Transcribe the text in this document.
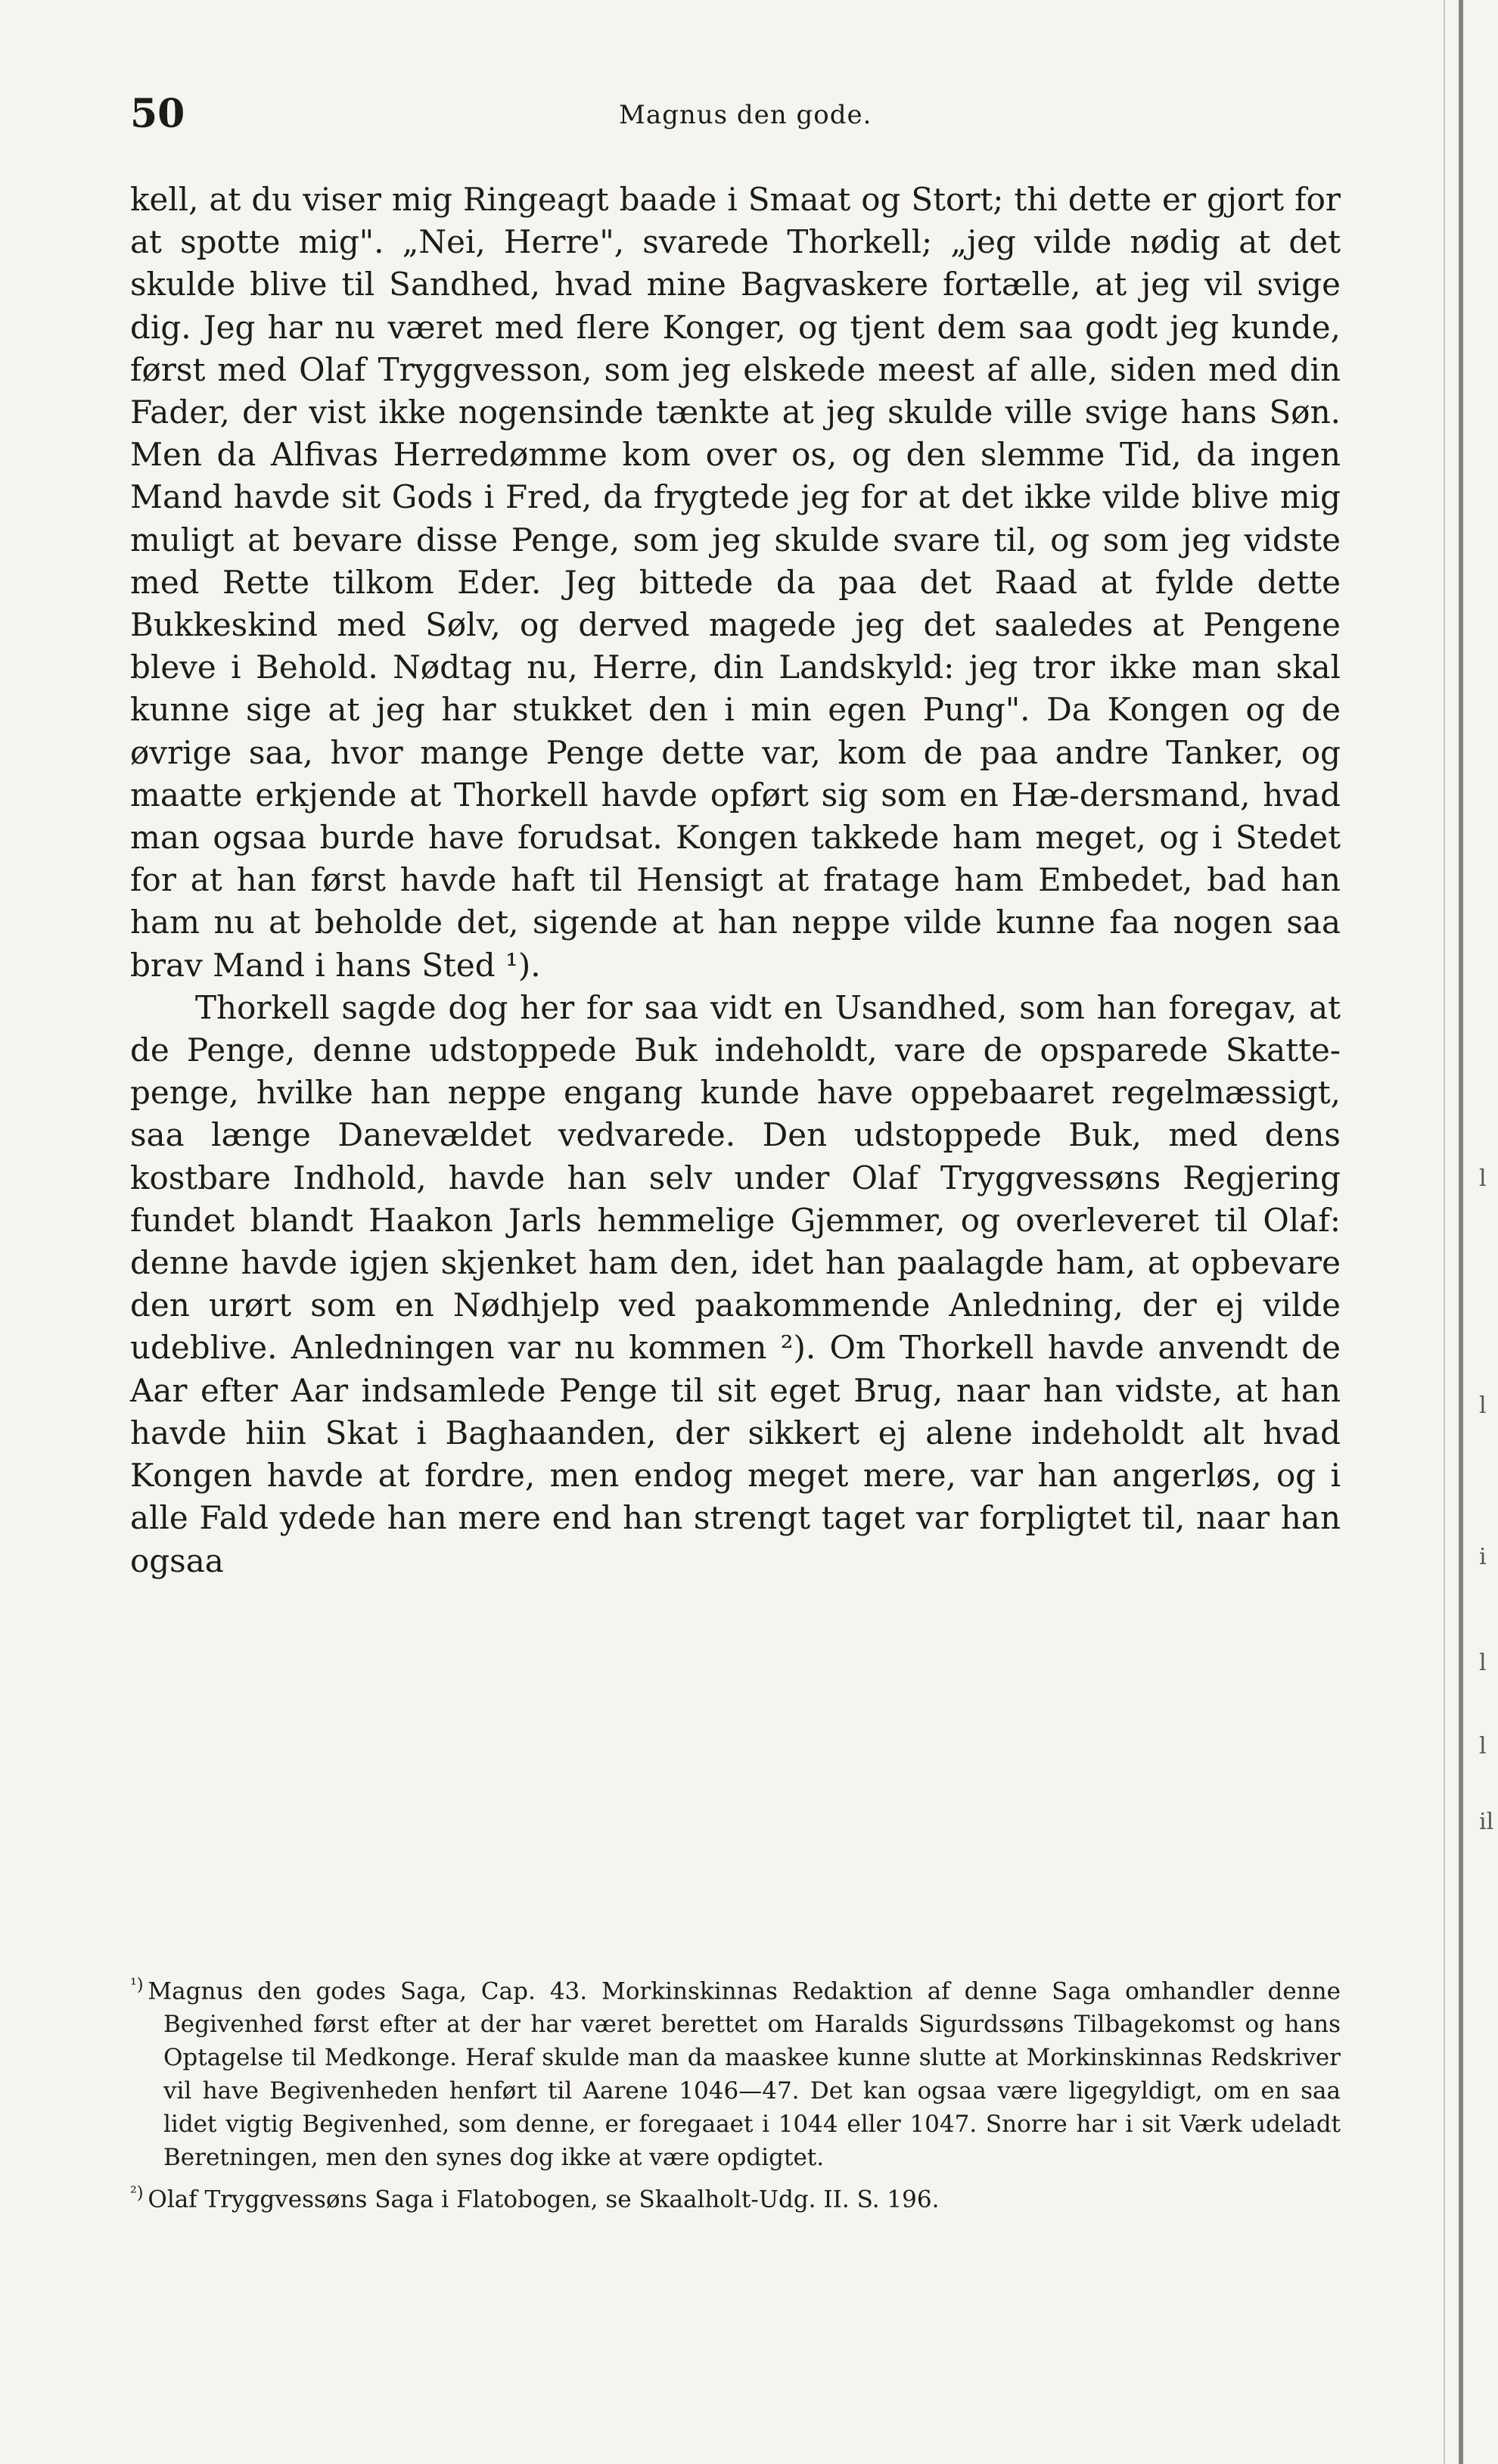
50	Magnus den gode.

kell, at du viser mig Ringeagt baade i Smaat og Stort; thi dette er gjort for at spotte mig". „Nei, Herre", svarede Thorkell; „jeg vilde nødig at det skulde blive til Sandhed, hvad mine Bagvaskere fortælle, at jeg vil svige dig. Jeg har nu været med flere Konger, og tjent dem saa godt jeg kunde, først med Olaf Tryggvesson, som jeg elskede meest af alle, siden med din Fader, der vist ikke nogensinde tænkte at jeg skulde ville svige hans Søn. Men da Alfivas Herredømme kom over os, og den slemme Tid, da ingen Mand havde sit Gods i Fred, da frygtede jeg for at det ikke vilde blive mig muligt at bevare disse Penge, som jeg skulde svare til, og som jeg vidste med Rette tilkom Eder. Jeg bittede da paa det Raad at fylde dette Bukkeskind med Sølv, og derved magede jeg det saaledes at Pengene bleve i Behold. Nødtag nu, Herre, din Landskyld: jeg tror ikke man skal kunne sige at jeg har stukket den i min egen Pung". Da Kongen og de øvrige saa, hvor mange Penge dette var, kom de paa andre Tanker, og maatte erkjende at Thorkell havde opført sig som en Hæ-dersmand, hvad man ogsaa burde have forudsat. Kongen takkede ham meget, og i Stedet for at han først havde haft til Hensigt at fratage ham Embedet, bad han ham nu at beholde det, sigende at han neppe vilde kunne faa nogen saa brav Mand i hans Sted ¹).

Thorkell sagde dog her for saa vidt en Usandhed, som han foregav, at de Penge, denne udstoppede Buk indeholdt, vare de opsparede Skatte-penge, hvilke han neppe engang kunde have oppebaaret regelmæssigt, saa længe Danevældet vedvarede. Den udstoppede Buk, med dens kostbare Indhold, havde han selv under Olaf Tryggvessøns Regjering fundet blandt Haakon Jarls hemmelige Gjemmer, og overleveret til Olaf: denne havde igjen skjenket ham den, idet han paalagde ham, at opbevare den urørt som en Nødhjelp ved paakommende Anledning, der ej vilde udeblive. Anledningen var nu kommen ²). Om Thorkell havde anvendt de Aar efter Aar indsamlede Penge til sit eget Brug, naar han vidste, at han havde hiin Skat i Baghaanden, der sikkert ej alene indeholdt alt hvad Kongen havde at fordre, men endog meget mere, var han angerløs, og i alle Fald ydede han mere end han strengt taget var forpligtet til, naar han ogsaa

$^{^1)}$ Magnus den godes Saga, Cap. 43. Morkinskinnas Redaktion af denne Saga omhandler denne Begivenhed først efter at der har været berettet om Haralds Sigurdssøns Tilbagekomst og hans Optagelse til Medkonge. Heraf skulde man da maaskee kunne slutte at Morkinskinnas Redskriver vil have Begivenheden henført til Aarene 1046—47. Det kan ogsaa være ligegyldigt, om en saa lidet vigtig Begivenhed, som denne, er foregaaet i 1044 eller 1047. Snorre har i sit Værk udeladt Beretningen, men den synes dog ikke at være opdigtet.

$^{^2)}$ Olaf Tryggvessøns Saga i Flatobogen, se Skaalholt-Udg. II. S. 196.

l
l
i
l
l
il
